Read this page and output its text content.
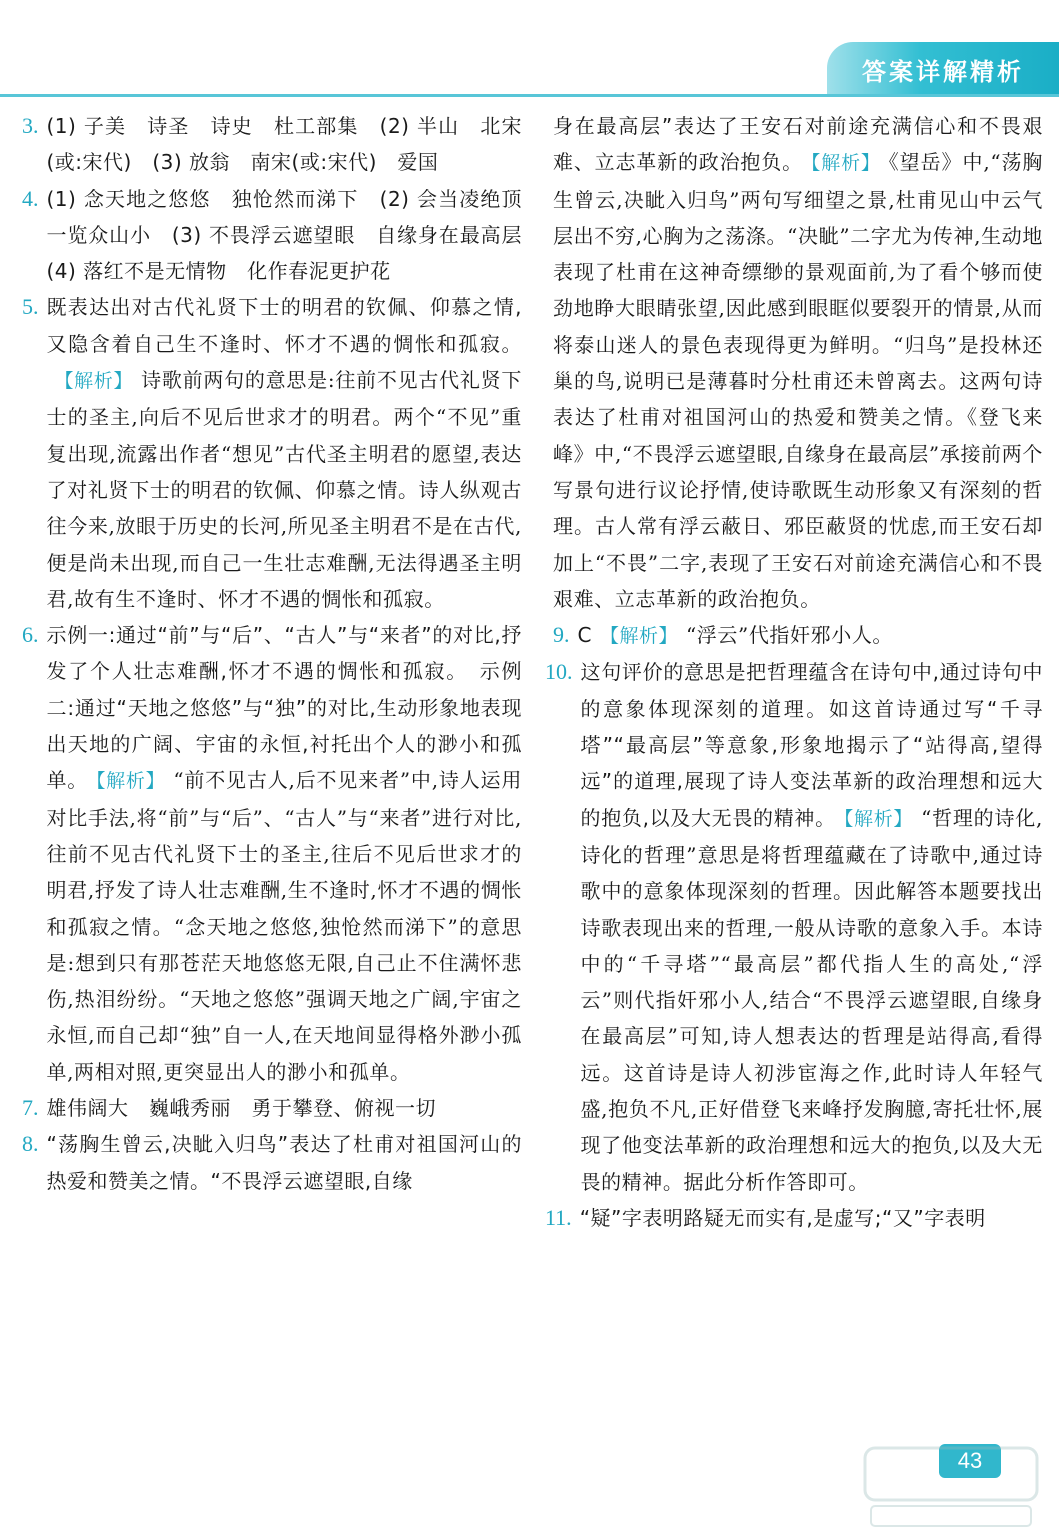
答案详解精析
3. (1) 子美　诗圣　诗史　杜工部集　(2) 半山　北宋(或:宋代)　(3) 放翁　南宋(或:宋代)　爱国
4. (1) 念天地之悠悠　独怆然而涕下　(2) 会当凌绝顶　一览众山小　(3) 不畏浮云遮望眼　自缘身在最高层　(4) 落红不是无情物　化作春泥更护花
5. 既表达出对古代礼贤下士的明君的钦佩、仰慕之情,又隐含着自己生不逢时、怀才不遇的惆怅和孤寂。【解析】 诗歌前两句的意思是:往前不见古代礼贤下士的圣主,向后不见后世求才的明君。两个“不见”重复出现,流露出作者“想见”古代圣主明君的愿望,表达了对礼贤下士的明君的钦佩、仰慕之情。诗人纵观古往今来,放眼于历史的长河,所见圣主明君不是在古代,便是尚未出现,而自己一生壮志难酬,无法得遇圣主明君,故有生不逢时、怀才不遇的惆怅和孤寂。
6. 示例一:通过“前”与“后”、“古人”与“来者”的对比,抒发了个人壮志难酬,怀才不遇的惆怅和孤寂。　示例二:通过“天地之悠悠”与“独”的对比,生动形象地表现出天地的广阔、宇宙的永恒,衬托出个人的渺小和孤单。 【解析】 “前不见古人,后不见来者”中,诗人运用对比手法,将“前”与“后”、“古人”与“来者”进行对比,往前不见古代礼贤下士的圣主,往后不见后世求才的明君,抒发了诗人壮志难酬,生不逢时,怀才不遇的惆怅和孤寂之情。“念天地之悠悠,独怆然而涕下”的意思是:想到只有那苍茫天地悠悠无限,自己止不住满怀悲伤,热泪纷纷。“天地之悠悠”强调天地之广阔,宇宙之永恒,而自己却“独”自一人,在天地间显得格外渺小孤单,两相对照,更突显出人的渺小和孤单。
7. 雄伟阔大　巍峨秀丽　勇于攀登、俯视一切
8. “荡胸生曾云,决眦入归鸟”表达了杜甫对祖国河山的热爱和赞美之情。“不畏浮云遮望眼,自缘
身在最高层”表达了王安石对前途充满信心和不畏艰难、立志革新的政治抱负。 【解析】 《望岳》中,“荡胸生曾云,决眦入归鸟”两句写细望之景,杜甫见山中云气层出不穷,心胸为之荡涤。“决眦”二字尤为传神,生动地表现了杜甫在这神奇缥缈的景观面前,为了看个够而使劲地睁大眼睛张望,因此感到眼眶似要裂开的情景,从而将泰山迷人的景色表现得更为鲜明。“归鸟”是投林还巢的鸟,说明已是薄暮时分杜甫还未曾离去。这两句诗表达了杜甫对祖国河山的热爱和赞美之情。《登飞来峰》中,“不畏浮云遮望眼,自缘身在最高层”承接前两个写景句进行议论抒情,使诗歌既生动形象又有深刻的哲理。古人常有浮云蔽日、邪臣蔽贤的忧虑,而王安石却加上“不畏”二字,表现了王安石对前途充满信心和不畏艰难、立志革新的政治抱负。
9. C 【解析】 “浮云”代指奸邪小人。
10. 这句评价的意思是把哲理蕴含在诗句中,通过诗句中的意象体现深刻的道理。如这首诗通过写“千寻塔”“最高层”等意象,形象地揭示了“站得高,望得远”的道理,展现了诗人变法革新的政治理想和远大的抱负,以及大无畏的精神。 【解析】 “哲理的诗化,诗化的哲理”意思是将哲理蕴藏在了诗歌中,通过诗歌中的意象体现深刻的哲理。因此解答本题要找出诗歌表现出来的哲理,一般从诗歌的意象入手。本诗中的“千寻塔”“最高层”都代指人生的高处,“浮云”则代指奸邪小人,结合“不畏浮云遮望眼,自缘身在最高层”可知,诗人想表达的哲理是站得高,看得远。这首诗是诗人初涉宦海之作,此时诗人年轻气盛,抱负不凡,正好借登飞来峰抒发胸臆,寄托壮怀,展现了他变法革新的政治理想和远大的抱负,以及大无畏的精神。据此分析作答即可。
11. “疑”字表明路疑无而实有,是虚写;“又”字表明
43
